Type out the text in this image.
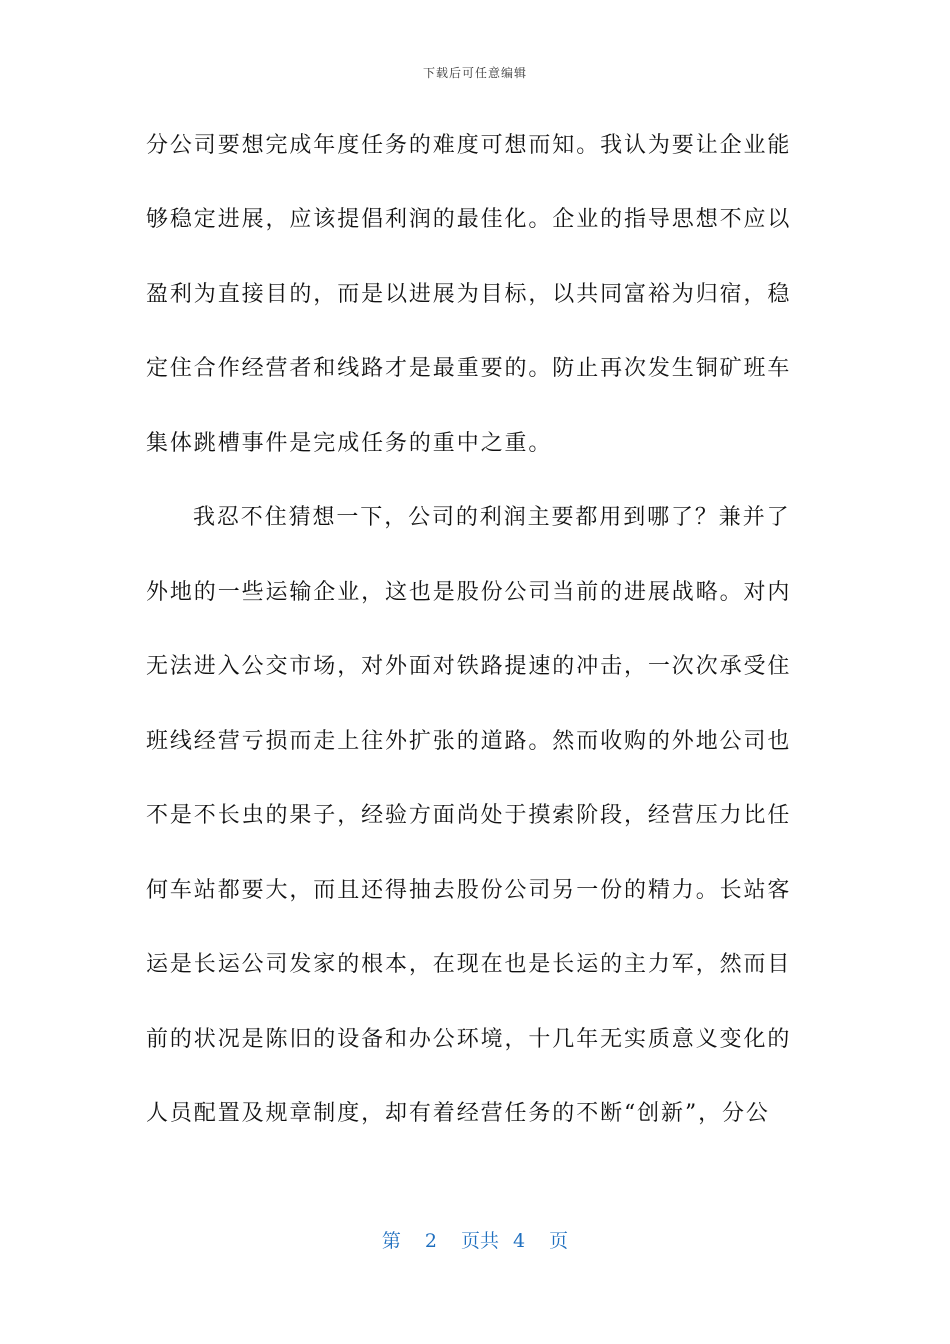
下载后可任意编辑
分公司要想完成年度任务的难度可想而知。我认为要让企业能
够稳定进展，应该提倡利润的最佳化。企业的指导思想不应以
盈利为直接目的，而是以进展为目标，以共同富裕为归宿，稳
定住合作经营者和线路才是最重要的。防止再次发生铜矿班车
集体跳槽事件是完成任务的重中之重。
我忍不住猜想一下，公司的利润主要都用到哪了？兼并了
外地的一些运输企业，这也是股份公司当前的进展战略。对内
无法进入公交市场，对外面对铁路提速的冲击，一次次承受住
班线经营亏损而走上往外扩张的道路。然而收购的外地公司也
不是不长虫的果子，经验方面尚处于摸索阶段，经营压力比任
何车站都要大，而且还得抽去股份公司另一份的精力。长站客
运是长运公司发家的根本，在现在也是长运的主力军，然而目
前的状况是陈旧的设备和办公环境，十几年无实质意义变化的
人员配置及规章制度，却有着经营任务的不断“创新”，分公
第 2 页共 4 页
